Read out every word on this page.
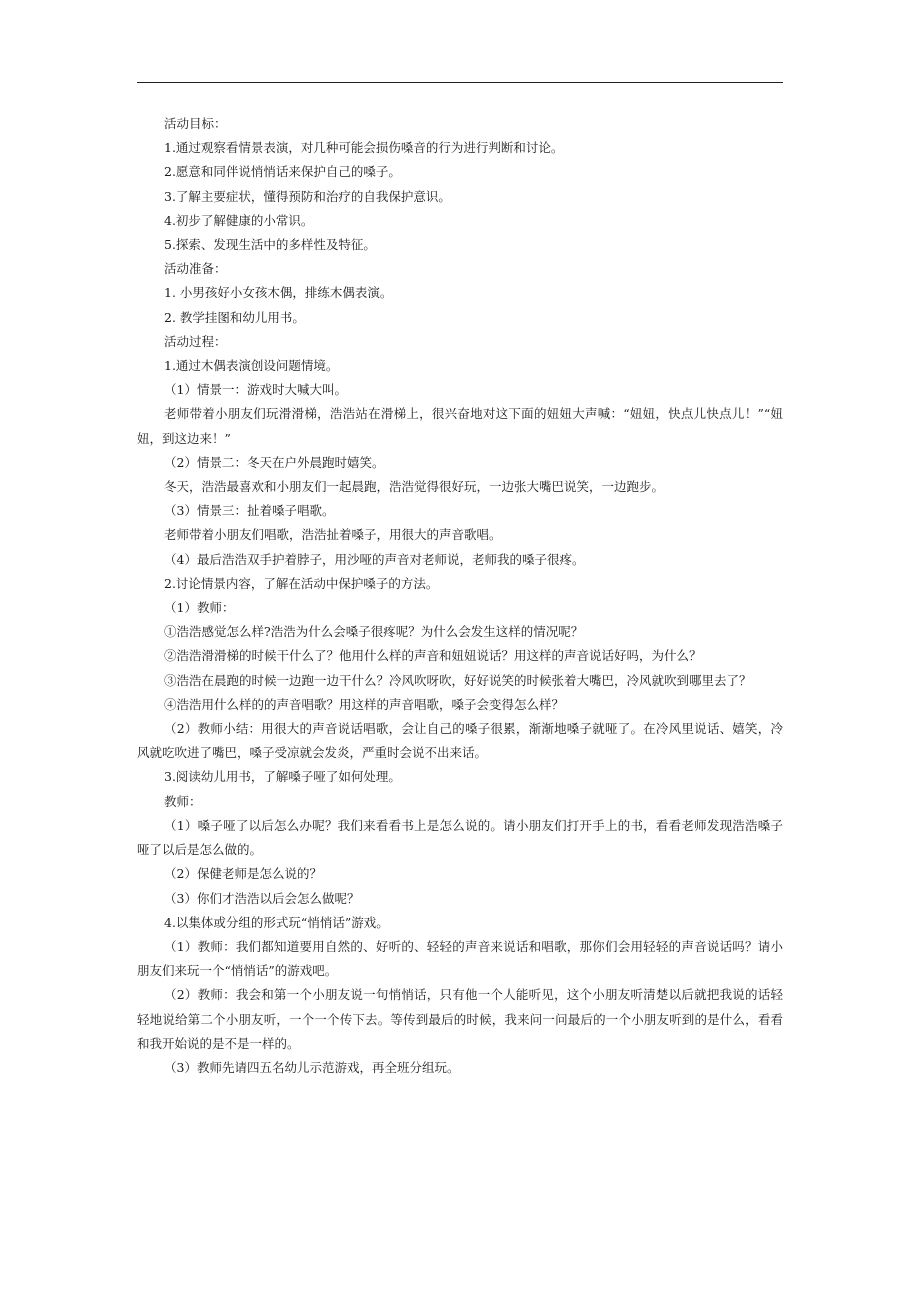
活动目标：

1.通过观察看情景表演，对几种可能会损伤嗓音的行为进行判断和讨论。

2.愿意和同伴说悄悄话来保护自己的嗓子。

3.了解主要症状，懂得预防和治疗的自我保护意识。

4.初步了解健康的小常识。

5.探索、发现生活中的多样性及特征。

活动准备：

1. 小男孩好小女孩木偶，排练木偶表演。

2. 教学挂图和幼儿用书。

活动过程：

1.通过木偶表演创设问题情境。

（1）情景一：游戏时大喊大叫。

老师带着小朋友们玩滑滑梯，浩浩站在滑梯上，很兴奋地对这下面的妞妞大声喊：“妞妞，快点儿快点儿！”“妞妞，到这边来！”

（2）情景二：冬天在户外晨跑时嬉笑。

冬天，浩浩最喜欢和小朋友们一起晨跑，浩浩觉得很好玩，一边张大嘴巴说笑，一边跑步。

（3）情景三：扯着嗓子唱歌。

老师带着小朋友们唱歌，浩浩扯着嗓子，用很大的声音歌唱。

（4）最后浩浩双手护着脖子，用沙哑的声音对老师说，老师我的嗓子很疼。

2.讨论情景内容，了解在活动中保护嗓子的方法。

（1）教师：

①浩浩感觉怎么样?浩浩为什么会嗓子很疼呢？为什么会发生这样的情况呢？

②浩浩滑滑梯的时候干什么了？他用什么样的声音和妞妞说话？用这样的声音说话好吗，为什么？

③浩浩在晨跑的时候一边跑一边干什么？冷风吹呀吹，好好说笑的时候张着大嘴巴，冷风就吹到哪里去了？

④浩浩用什么样的的声音唱歌？用这样的声音唱歌，嗓子会变得怎么样？

（2）教师小结：用很大的声音说话唱歌，会让自己的嗓子很累，渐渐地嗓子就哑了。在冷风里说话、嬉笑，冷风就吃吹进了嘴巴，嗓子受凉就会发炎，严重时会说不出来话。

3.阅读幼儿用书，了解嗓子哑了如何处理。

教师：

（1）嗓子哑了以后怎么办呢？我们来看看书上是怎么说的。请小朋友们打开手上的书，看看老师发现浩浩嗓子哑了以后是怎么做的。

（2）保健老师是怎么说的？

（3）你们才浩浩以后会怎么做呢？

4.以集体或分组的形式玩“悄悄话”游戏。

（1）教师：我们都知道要用自然的、好听的、轻轻的声音来说话和唱歌，那你们会用轻轻的声音说话吗？请小朋友们来玩一个“悄悄话”的游戏吧。

（2）教师：我会和第一个小朋友说一句悄悄话，只有他一个人能听见，这个小朋友听清楚以后就把我说的话轻轻地说给第二个小朋友听，一个一个传下去。等传到最后的时候，我来问一问最后的一个小朋友听到的是什么，看看和我开始说的是不是一样的。

（3）教师先请四五名幼儿示范游戏，再全班分组玩。
